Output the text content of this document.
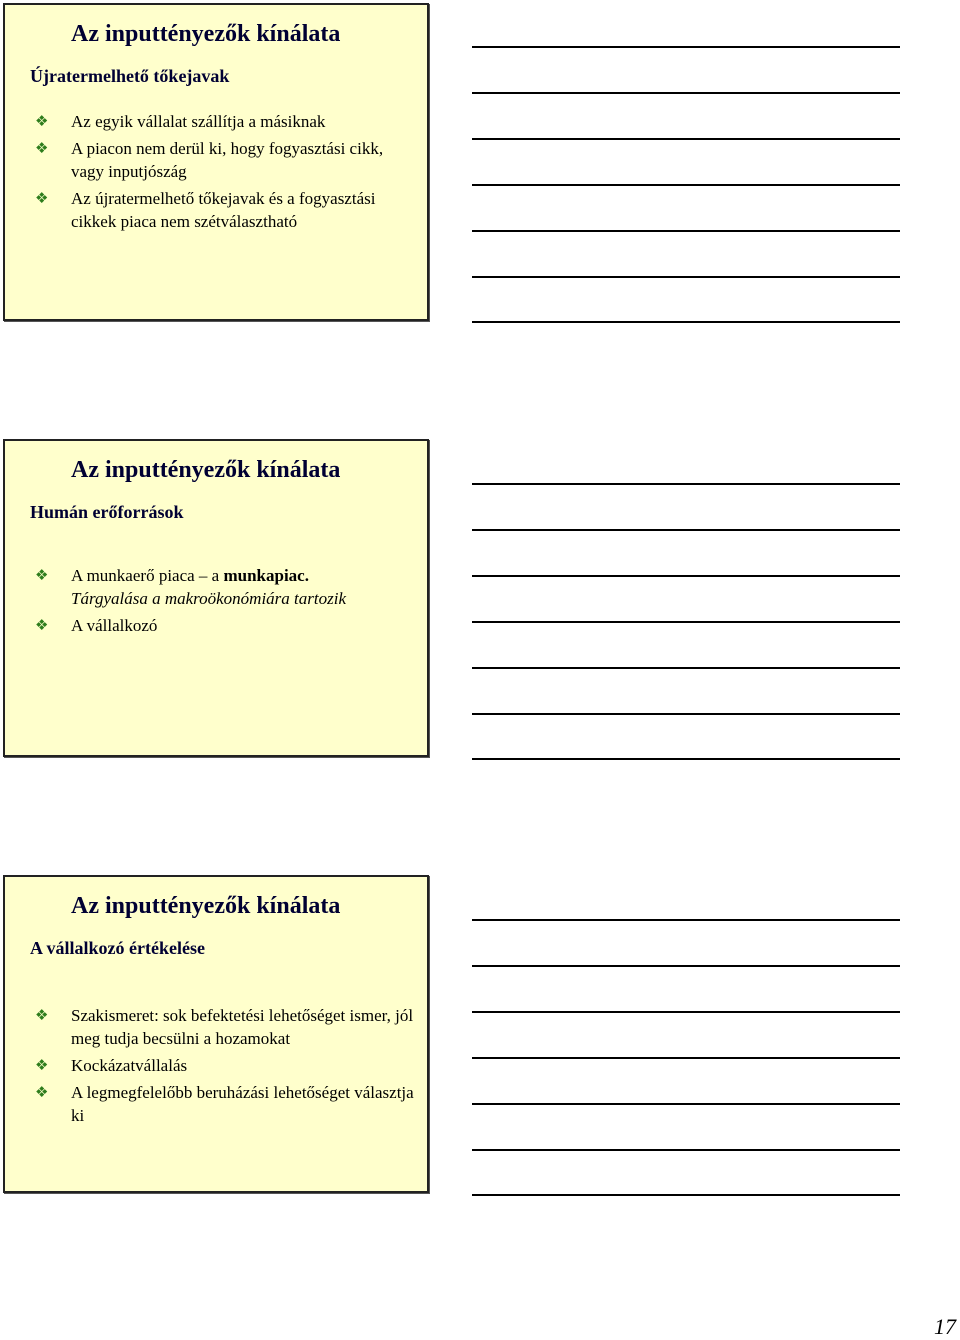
Az inputtényezők kínálata
Újratermelhető tőkejavak
❖ Az egyik vállalat szállítja a másiknak
❖ A piacon nem derül ki, hogy fogyasztási cikk, vagy inputjószág
❖ Az újratermelhető tőkejavak és a fogyasztási cikkek piaca nem szétválasztható
Az inputtényezők kínálata
Humán erőforrások
❖ A munkaerő piaca – a munkapiac.
Tárgyalása a makroökonómiára tartozik
❖ A vállalkozó
Az inputtényezők kínálata
A vállalkozó értékelése
❖ Szakismeret: sok befektetési lehetőséget ismer, jól meg tudja becsülni a hozamokat
❖ Kockázatvállalás
❖ A legmegfelelőbb beruházási lehetőséget választja ki
17
